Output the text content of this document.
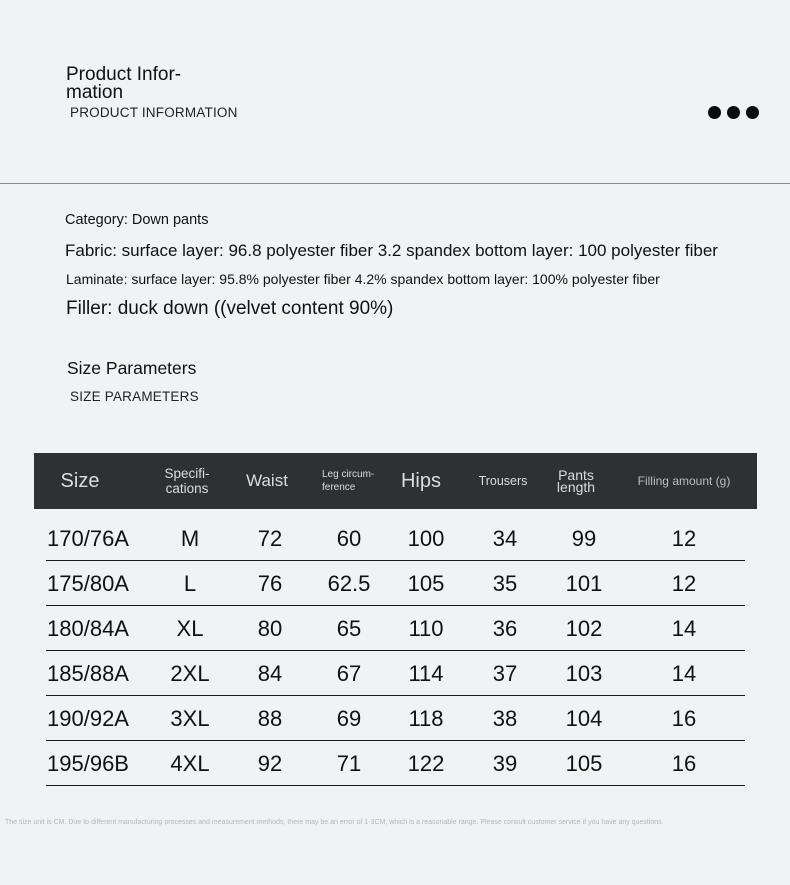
Product Infor-mation
PRODUCT INFORMATION
Category: Down pants
Fabric: surface layer: 96.8 polyester fiber 3.2 spandex bottom layer: 100 polyester fiber
Laminate: surface layer: 95.8% polyester fiber 4.2% spandex bottom layer: 100% polyester fiber
Filler: duck down ((velvet content 90%)
Size Parameters
SIZE PARAMETERS
Size	Specifi-cations	Waist	Leg circum-ference	Hips	Trousers	Pants length	Filling amount (g)
170/76A	M	72	60	100	34	99	12
175/80A	L	76	62.5	105	35	101	12
180/84A	XL	80	65	110	36	102	14
185/88A	2XL	84	67	114	37	103	14
190/92A	3XL	88	69	118	38	104	16
195/96B	4XL	92	71	122	39	105	16
The size unit is CM. Due to different manufacturing processes and measurement methods, there may be an error of 1-3CM, which is a reasonable range. Please consult customer service if you have any questions.
